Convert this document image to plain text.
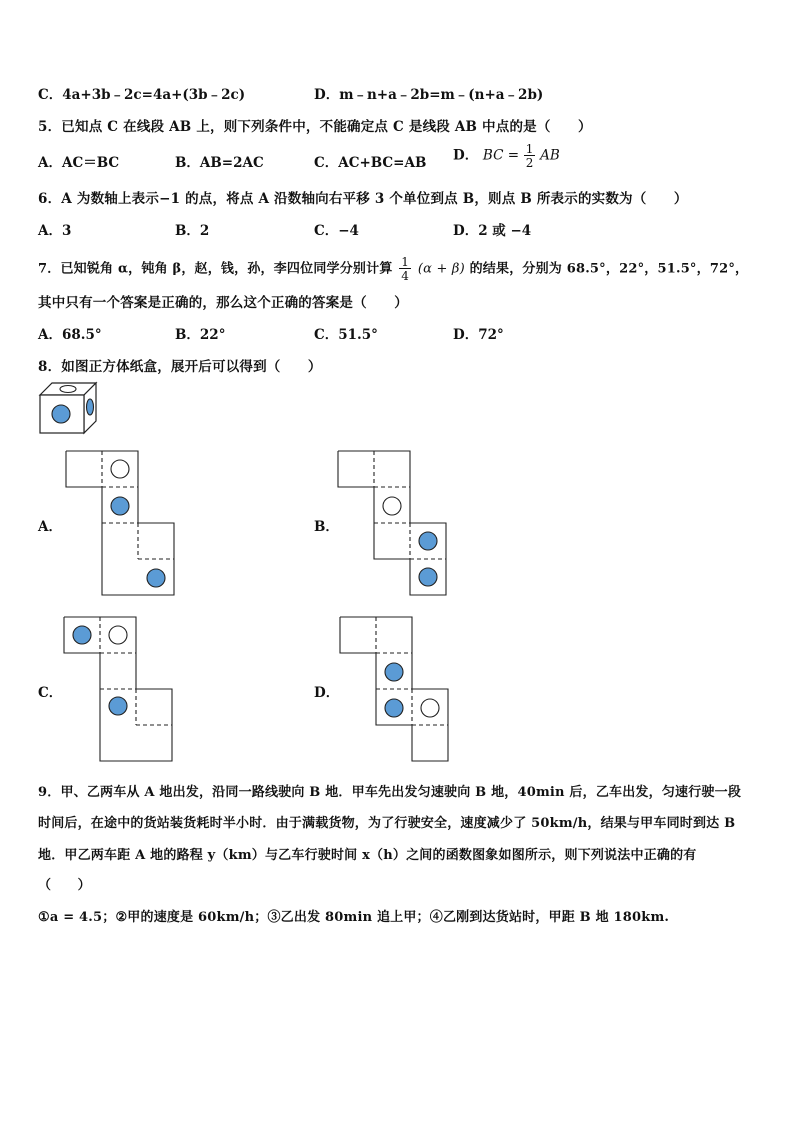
C．4a+3b﹣2c=4a+(3b﹣2c)	D．m﹣n+a﹣2b=m﹣(n+a﹣2b)
5．已知点 C 在线段 AB 上，则下列条件中，不能确定点 C 是线段 AB 中点的是（　　）
A．AC＝BC	B．AB=2AC	C．AC+BC=AB D． BC = $\frac{1}{2}$ AB
6．A 为数轴上表示−1 的点，将点 A 沿数轴向右平移 3 个单位到点 B，则点 B 所表示的实数为（　　）
A．3	B．2	C．−4	D．2 或 −4
7．已知锐角 α，钝角 β，赵，钱，孙，李四位同学分别计算 $\frac{1}{4} (\alpha + \beta)$ 的结果，分别为 68.5°，22°，51.5°，72°，
其中只有一个答案是正确的，那么这个正确的答案是（　　）
A．68.5°	B．22°	C．51.5°	D．72°
8．如图正方体纸盒，展开后可以得到（　　）
A．	B．
C．	D．
9．甲、乙两车从 A 地出发，沿同一路线驶向 B 地．甲车先出发匀速驶向 B 地，40min 后，乙车出发，匀速行驶一段
时间后，在途中的货站装货耗时半小时．由于满载货物，为了行驶安全，速度减少了 50km/h，结果与甲车同时到达 B
地．甲乙两车距 A 地的路程 y（km）与乙车行驶时间 x（h）之间的函数图象如图所示，则下列说法中正确的有
（　　）
①a = 4.5；②甲的速度是 60km/h；③乙出发 80min 追上甲；④乙刚到达货站时，甲距 B 地 180km.
